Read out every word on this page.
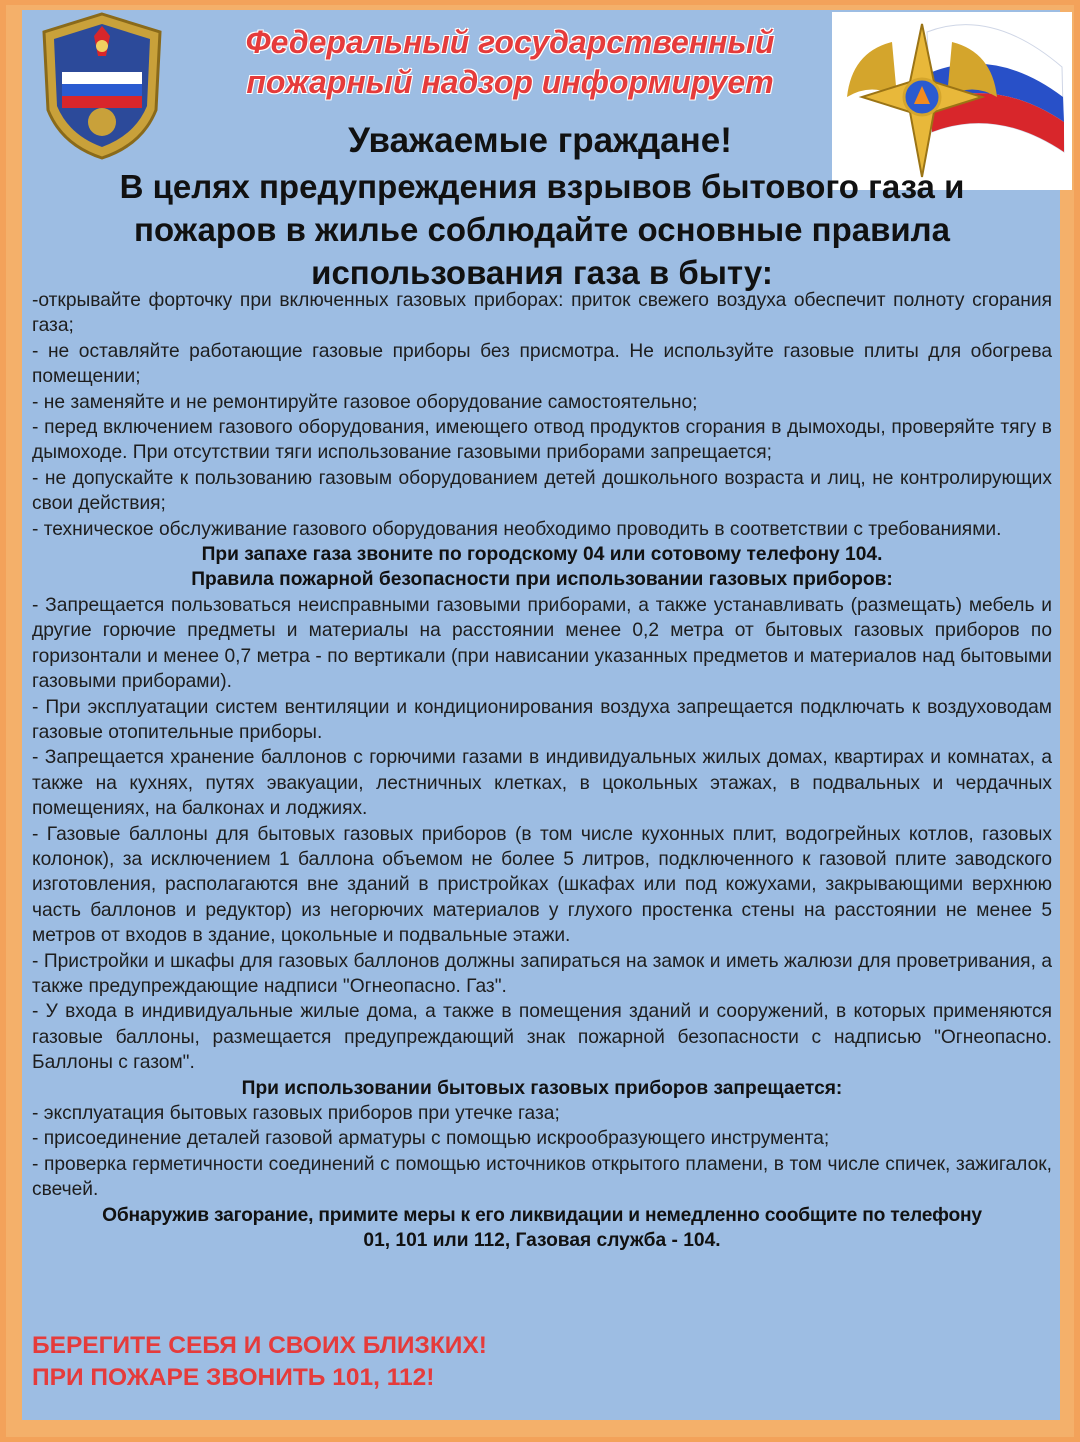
Федеральный государственный
пожарный надзор информирует
Уважаемые граждане!
В целях предупреждения взрывов бытового газа и пожаров в жилье соблюдайте основные правила использования газа в быту:

-открывайте форточку при включенных газовых приборах: приток свежего воздуха обеспечит полноту сгорания газа;

- не оставляйте работающие газовые приборы без присмотра. Не используйте газовые плиты для обогрева помещении;

- не заменяйте и не ремонтируйте газовое оборудование самостоятельно;

- перед включением газового оборудования, имеющего отвод продуктов сгорания в дымоходы, проверяйте тягу в дымоходе. При отсутствии тяги использование газовыми приборами запрещается;

- не допускайте к пользованию газовым оборудованием детей дошкольного возраста и лиц, не контролирующих свои действия;

- техническое обслуживание газового оборудования необходимо проводить в соответствии с требованиями.

При запахе газа звоните по городскому 04 или сотовому телефону 104.

Правила пожарной безопасности при использовании газовых приборов:

- Запрещается пользоваться неисправными газовыми приборами, а также устанавливать (размещать) мебель и другие горючие предметы и материалы на расстоянии менее 0,2 метра от бытовых газовых приборов по горизонтали и менее 0,7 метра - по вертикали (при нависании указанных предметов и материалов над бытовыми газовыми приборами).

- При эксплуатации систем вентиляции и кондиционирования воздуха запрещается подключать к воздуховодам газовые отопительные приборы.

- Запрещается хранение баллонов с горючими газами в индивидуальных жилых домах, квартирах и комнатах, а также на кухнях, путях эвакуации, лестничных клетках, в цокольных этажах, в подвальных и чердачных помещениях, на балконах и лоджиях.

- Газовые баллоны для бытовых газовых приборов (в том числе кухонных плит, водогрейных котлов, газовых колонок), за исключением 1 баллона объемом не более 5 литров, подключенного к газовой плите заводского изготовления, располагаются вне зданий в пристройках (шкафах или под кожухами, закрывающими верхнюю часть баллонов и редуктор) из негорючих материалов у глухого простенка стены на расстоянии не менее 5 метров от входов в здание, цокольные и подвальные этажи.

- Пристройки и шкафы для газовых баллонов должны запираться на замок и иметь жалюзи для проветривания, а также предупреждающие надписи "Огнеопасно. Газ".

- У входа в индивидуальные жилые дома, а также в помещения зданий и сооружений, в которых применяются газовые баллоны, размещается предупреждающий знак пожарной безопасности с надписью "Огнеопасно. Баллоны с газом".

При использовании бытовых газовых приборов запрещается:

- эксплуатация бытовых газовых приборов при утечке газа;

- присоединение деталей газовой арматуры с помощью искрообразующего инструмента;

- проверка герметичности соединений с помощью источников открытого пламени, в том числе спичек, зажигалок, свечей.

Обнаружив загорание, примите меры к его ликвидации и немедленно сообщите по телефону

01, 101 или 112, Газовая служба - 104.

БЕРЕГИТЕ СЕБЯ И СВОИХ БЛИЗКИХ!
ПРИ ПОЖАРЕ ЗВОНИТЬ 101, 112!
